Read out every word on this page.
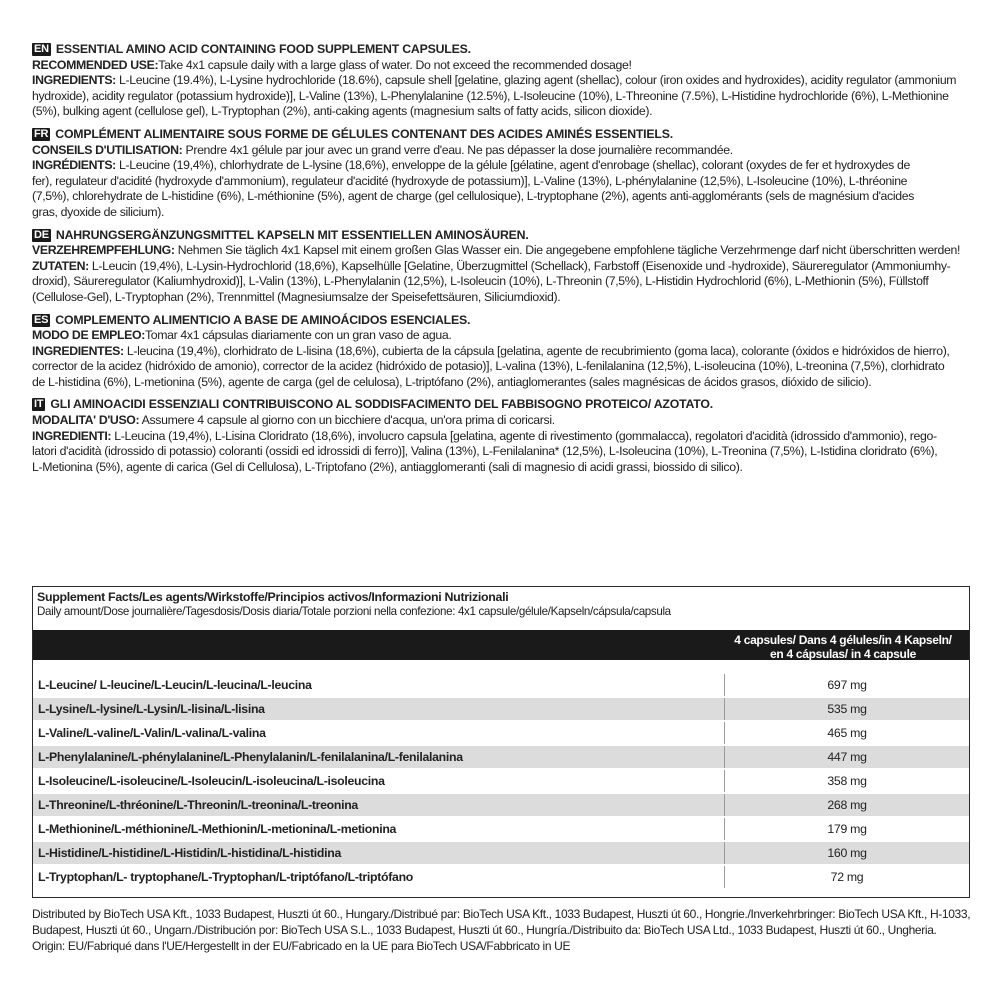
EN ESSENTIAL AMINO ACID CONTAINING FOOD SUPPLEMENT CAPSULES.
RECOMMENDED USE:Take 4x1 capsule daily with a large glass of water. Do not exceed the recommended dosage!
INGREDIENTS: L-Leucine (19.4%), L-Lysine hydrochloride (18.6%), capsule shell [gelatine, glazing agent (shellac), colour (iron oxides and hydroxides), acidity regulator (ammonium
hydroxide), acidity regulator (potassium hydroxide)], L-Valine (13%), L-Phenylalanine (12.5%), L-Isoleucine (10%), L-Threonine (7.5%), L-Histidine hydrochloride (6%), L-Methionine
(5%), bulking agent (cellulose gel), L-Tryptophan (2%), anti-caking agents (magnesium salts of fatty acids, silicon dioxide).
FR COMPLÉMENT ALIMENTAIRE SOUS FORME DE GÉLULES CONTENANT DES ACIDES AMINÉS ESSENTIELS.
CONSEILS D'UTILISATION: Prendre 4x1 gélule par jour avec un grand verre d'eau. Ne pas dépasser la dose journalière recommandée.
INGRÉDIENTS: L-Leucine (19,4%), chlorhydrate de L-lysine (18,6%), enveloppe de la gélule [gélatine, agent d'enrobage (shellac), colorant (oxydes de fer et hydroxydes de
fer), regulateur d'acidité (hydroxyde d'ammonium), regulateur d'acidité (hydroxyde de potassium)], L-Valine (13%), L-phénylalanine (12,5%), L-Isoleucine (10%), L-thréonine
(7,5%), chlorehydrate de L-histidine (6%), L-méthionine (5%), agent de charge (gel cellulosique), L-tryptophane (2%), agents anti-agglomérants (sels de magnésium d'acides
gras, dyoxide de silicium).
DE NAHRUNGSERGÄNZUNGSMITTEL KAPSELN MIT ESSENTIELLEN AMINOSÄUREN.
VERZEHREMPFEHLUNG: Nehmen Sie täglich 4x1 Kapsel mit einem großen Glas Wasser ein. Die angegebene empfohlene tägliche Verzehrmenge darf nicht überschritten werden!
ZUTATEN: L-Leucin (19,4%), L-Lysin-Hydrochlorid (18,6%), Kapselhülle [Gelatine, Überzugmittel (Schellack), Farbstoff (Eisenoxide und -hydroxide), Säureregulator (Ammoniumhy-
droxid), Säureregulator (Kaliumhydroxid)], L-Valin (13%), L-Phenylalanin (12,5%), L-Isoleucin (10%), L-Threonin (7,5%), L-Histidin Hydrochlorid (6%), L-Methionin (5%), Füllstoff
(Cellulose-Gel), L-Tryptophan (2%), Trennmittel (Magnesiumsalze der Speisefettsäuren, Siliciumdioxid).
ES COMPLEMENTO ALIMENTICIO A BASE DE AMINOÁCIDOS ESENCIALES.
MODO DE EMPLEO:Tomar 4x1 cápsulas diariamente con un gran vaso de agua.
INGREDIENTES: L-leucina (19,4%), clorhidrato de L-lisina (18,6%), cubierta de la cápsula [gelatina, agente de recubrimiento (goma laca), colorante (óxidos e hidróxidos de hierro),
corrector de la acidez (hidróxido de amonio), corrector de la acidez (hidróxido de potasio)], L-valina (13%), L-fenilalanina (12,5%), L-isoleucina (10%), L-treonina (7,5%), clorhidrato
de L-histidina (6%), L-metionina (5%), agente de carga (gel de celulosa), L-triptófano (2%), antiaglomerantes (sales magnésicas de ácidos grasos, dióxido de silicio).
IT GLI AMINOACIDI ESSENZIALI CONTRIBUISCONO AL SODDISFACIMENTO DEL FABBISOGNO PROTEICO/ AZOTATO.
MODALITA' D'USO: Assumere 4 capsule al giorno con un bicchiere d'acqua, un'ora prima di coricarsi.
INGREDIENTI: L-Leucina (19,4%), L-Lisina Cloridrato (18,6%), involucro capsula [gelatina, agente di rivestimento (gommalacca), regolatori d'acidità (idrossido d'ammonio), rego-
latori d'acidità (idrossido di potassio) coloranti (ossidi ed idrossidi di ferro)], Valina (13%), L-Fenilalanina* (12,5%), L-Isoleucina (10%), L-Treonina (7,5%), L-Istidina cloridrato (6%),
L-Metionina (5%), agente di carica (Gel di Cellulosa), L-Triptofano (2%), antiagglomeranti (sali di magnesio di acidi grassi, biossido di silico).
Supplement Facts/Les agents/Wirkstoffe/Principios activos/Informazioni Nutrizionali
Daily amount/Dose journalière/Tagesdosis/Dosis diaria/Totale porzioni nella confezione: 4x1 capsule/gélule/Kapseln/cápsula/capsula
4 capsules/ Dans 4 gélules/in 4 Kapseln/
en 4 cápsulas/ in 4 capsule
L-Leucine/ L-leucine/L-Leucin/L-leucina/L-leucina	697 mg
L-Lysine/L-lysine/L-Lysin/L-lisina/L-lisina	535 mg
L-Valine/L-valine/L-Valin/L-valina/L-valina	465 mg
L-Phenylalanine/L-phénylalanine/L-Phenylalanin/L-fenilalanina/L-fenilalanina	447 mg
L-Isoleucine/L-isoleucine/L-Isoleucin/L-isoleucina/L-isoleucina	358 mg
L-Threonine/L-thréonine/L-Threonin/L-treonina/L-treonina	268 mg
L-Methionine/L-méthionine/L-Methionin/L-metionina/L-metionina	179 mg
L-Histidine/L-histidine/L-Histidin/L-histidina/L-histidina	160 mg
L-Tryptophan/L- tryptophane/L-Tryptophan/L-triptófano/L-triptófano	72 mg
Distributed by BioTech USA Kft., 1033 Budapest, Huszti út 60., Hungary./Distribué par: BioTech USA Kft., 1033 Budapest, Huszti út 60., Hongrie./Inverkehrbringer: BioTech USA Kft., H-1033,
Budapest, Huszti út 60., Ungarn./Distribución por: BioTech USA S.L., 1033 Budapest, Huszti út 60., Hungría./Distribuito da: BioTech USA Ltd., 1033 Budapest, Huszti út 60., Ungheria.
Origin: EU/Fabriqué dans l'UE/Hergestellt in der EU/Fabricado en la UE para BioTech USA/Fabbricato in UE
